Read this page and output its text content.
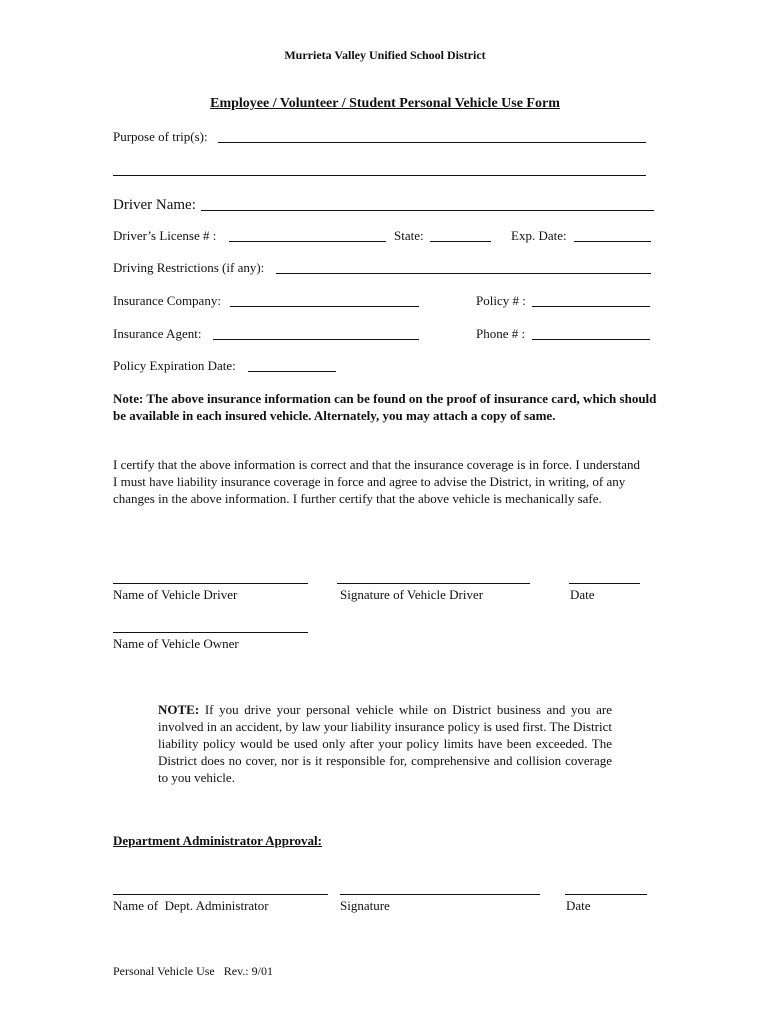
Murrieta Valley Unified School District
Employee / Volunteer / Student Personal Vehicle Use Form
Purpose of trip(s):
Driver Name:
Driver’s License # :	State:	Exp. Date:
Driving Restrictions (if any):
Insurance Company:	Policy # :
Insurance Agent:	Phone # :
Policy Expiration Date:
Note: The above insurance information can be found on the proof of insurance card, which should be available in each insured vehicle. Alternately, you may attach a copy of same.
I certify that the above information is correct and that the insurance coverage is in force. I understand I must have liability insurance coverage in force and agree to advise the District, in writing, of any changes in the above information. I further certify that the above vehicle is mechanically safe.
Name of Vehicle Driver	Signature of Vehicle Driver	Date
Name of Vehicle Owner
NOTE: If you drive your personal vehicle while on District business and you are involved in an accident, by law your liability insurance policy is used first. The District liability policy would be used only after your policy limits have been exceeded. The District does no cover, nor is it responsible for, comprehensive and collision coverage to you vehicle.
Department Administrator Approval:
Name of  Dept. Administrator	Signature	Date
Personal Vehicle Use   Rev.: 9/01
